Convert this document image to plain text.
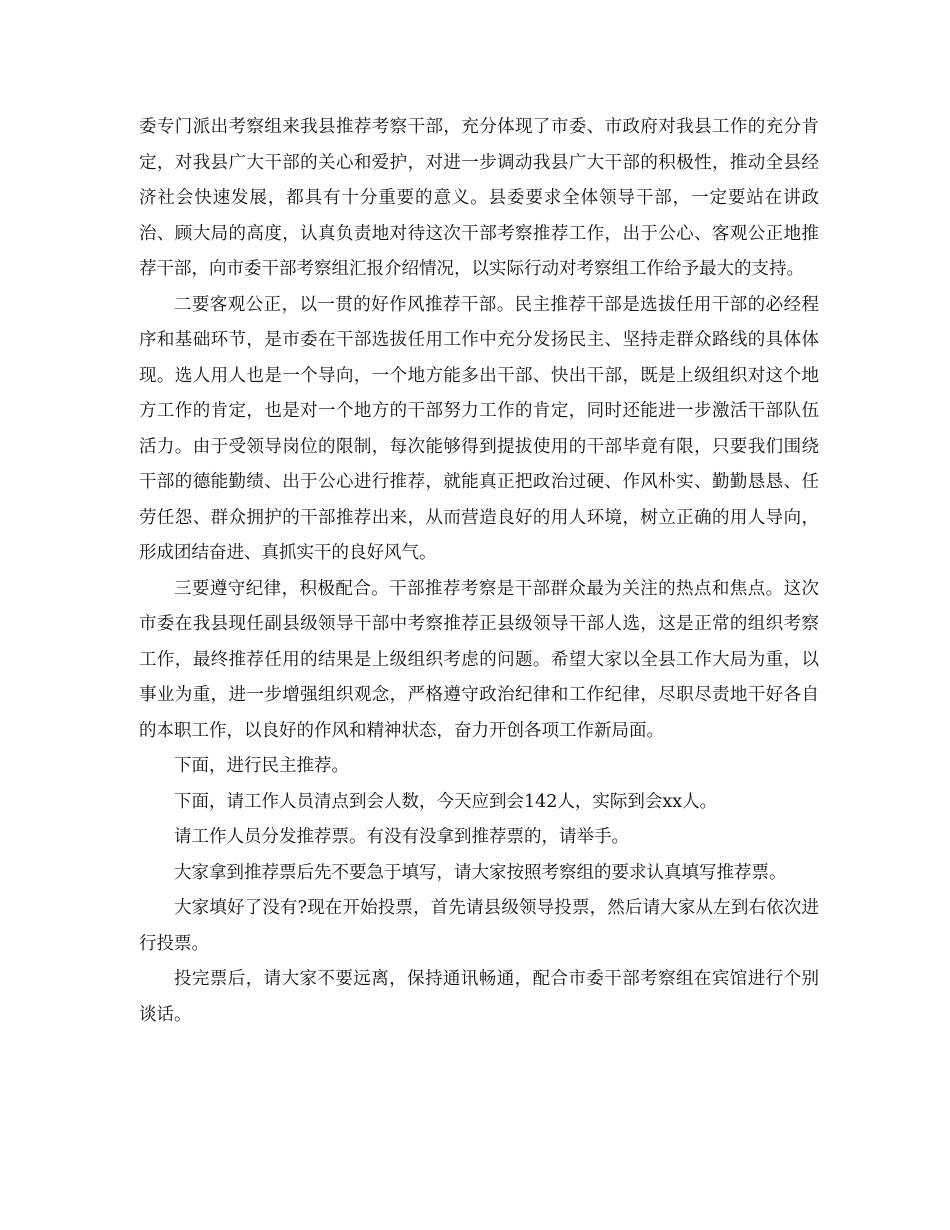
委专门派出考察组来我县推荐考察干部，充分体现了市委、市政府对我县工作的充分肯定，对我县广大干部的关心和爱护，对进一步调动我县广大干部的积极性，推动全县经济社会快速发展，都具有十分重要的意义。县委要求全体领导干部，一定要站在讲政治、顾大局的高度，认真负责地对待这次干部考察推荐工作，出于公心、客观公正地推荐干部，向市委干部考察组汇报介绍情况，以实际行动对考察组工作给予最大的支持。

二要客观公正，以一贯的好作风推荐干部。民主推荐干部是选拔任用干部的必经程序和基础环节，是市委在干部选拔任用工作中充分发扬民主、坚持走群众路线的具体体现。选人用人也是一个导向，一个地方能多出干部、快出干部，既是上级组织对这个地方工作的肯定，也是对一个地方的干部努力工作的肯定，同时还能进一步激活干部队伍活力。由于受领导岗位的限制，每次能够得到提拔使用的干部毕竟有限，只要我们围绕干部的德能勤绩、出于公心进行推荐，就能真正把政治过硬、作风朴实、勤勤恳恳、任劳任怨、群众拥护的干部推荐出来，从而营造良好的用人环境，树立正确的用人导向，形成团结奋进、真抓实干的良好风气。

三要遵守纪律，积极配合。干部推荐考察是干部群众最为关注的热点和焦点。这次市委在我县现任副县级领导干部中考察推荐正县级领导干部人选，这是正常的组织考察工作，最终推荐任用的结果是上级组织考虑的问题。希望大家以全县工作大局为重，以事业为重，进一步增强组织观念，严格遵守政治纪律和工作纪律，尽职尽责地干好各自的本职工作，以良好的作风和精神状态，奋力开创各项工作新局面。

下面，进行民主推荐。

下面，请工作人员清点到会人数，今天应到会142人，实际到会xx人。

请工作人员分发推荐票。有没有没拿到推荐票的，请举手。

大家拿到推荐票后先不要急于填写，请大家按照考察组的要求认真填写推荐票。

大家填好了没有?现在开始投票，首先请县级领导投票，然后请大家从左到右依次进行投票。

投完票后，请大家不要远离，保持通讯畅通，配合市委干部考察组在宾馆进行个别谈话。
